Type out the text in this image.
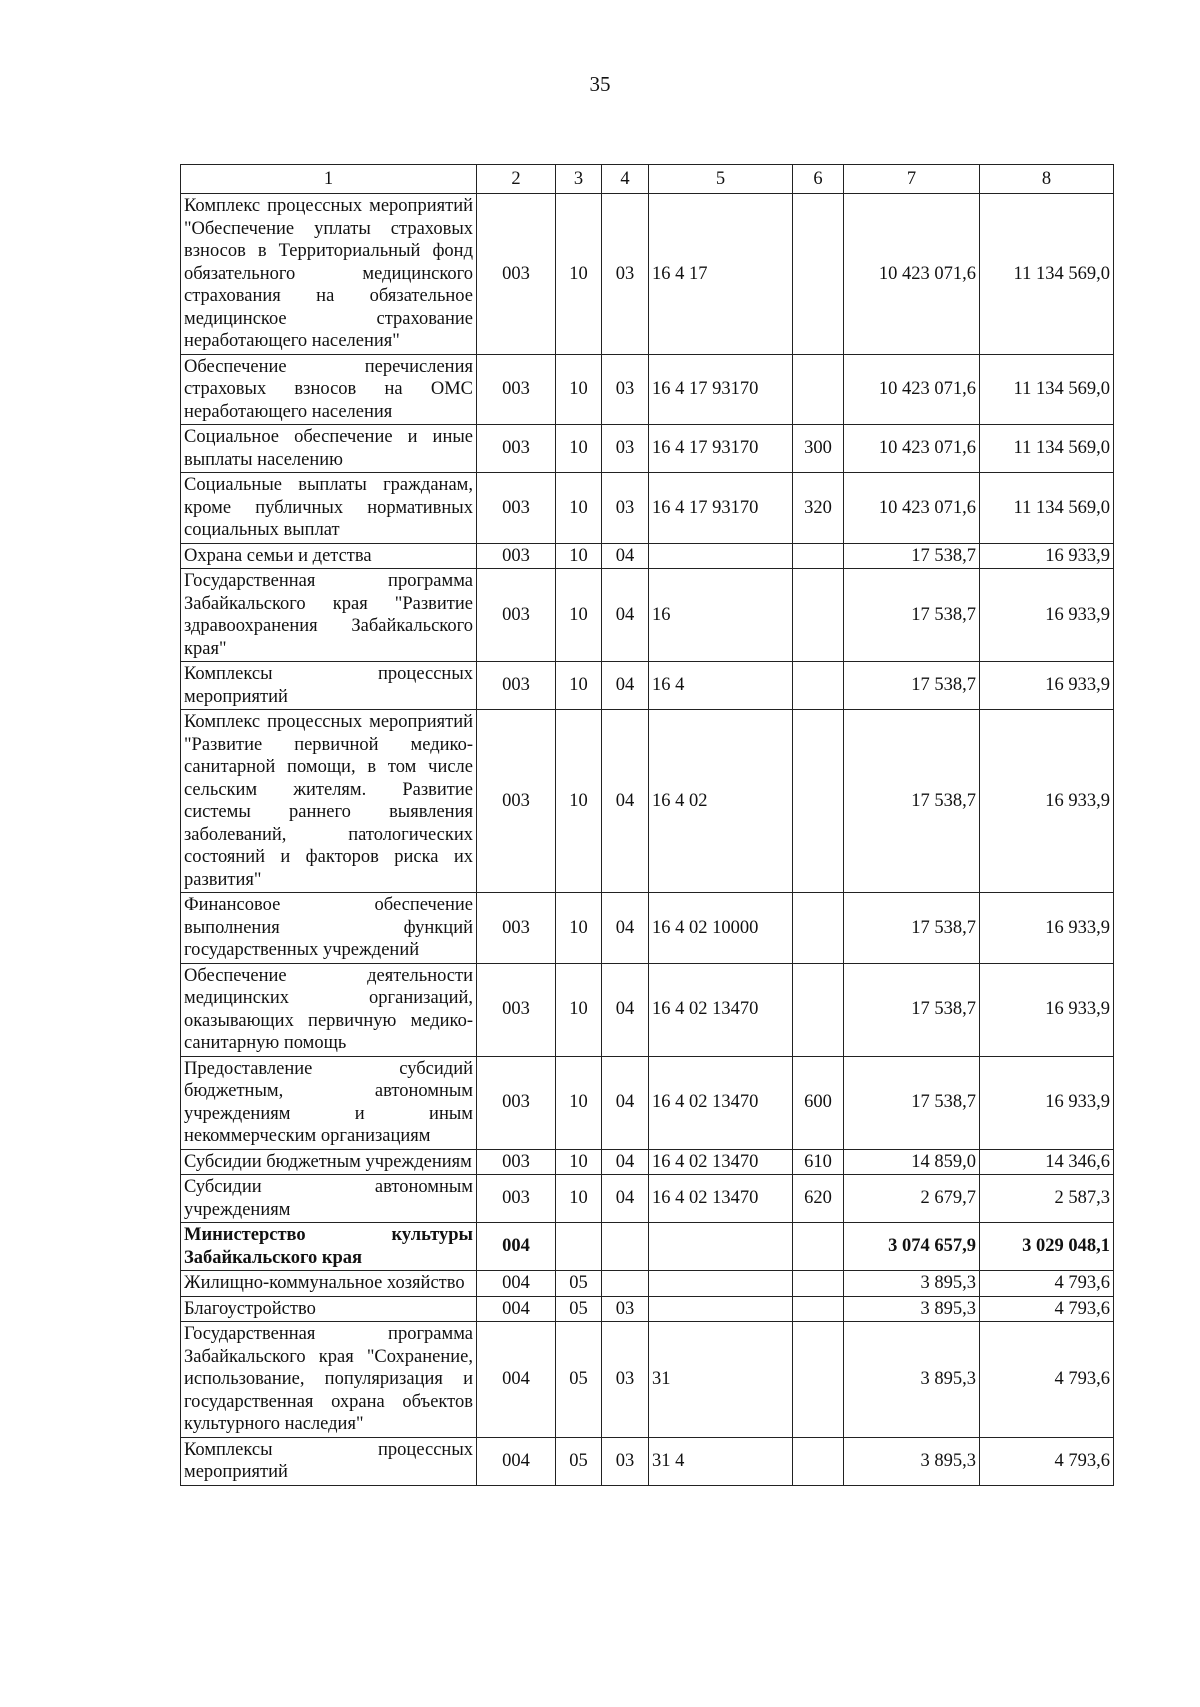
35
1	2	3	4	5	6	7	8
Комплекс процессных мероприятий "Обеспечение уплаты страховых взносов в Территориальный фонд обязательного медицинского страхования на обязательное медицинское страхование неработающего населения"	003	10	03	16 4 17		10 423 071,6	11 134 569,0
Обеспечение перечисления страховых взносов на ОМС неработающего населения	003	10	03	16 4 17 93170		10 423 071,6	11 134 569,0
Социальное обеспечение и иные выплаты населению	003	10	03	16 4 17 93170	300	10 423 071,6	11 134 569,0
Социальные выплаты гражданам, кроме публичных нормативных социальных выплат	003	10	03	16 4 17 93170	320	10 423 071,6	11 134 569,0
Охрана семьи и детства	003	10	04			17 538,7	16 933,9
Государственная программа Забайкальского края "Развитие здравоохранения Забайкальского края"	003	10	04	16		17 538,7	16 933,9
Комплексы процессных мероприятий	003	10	04	16 4		17 538,7	16 933,9
Комплекс процессных мероприятий "Развитие первичной медико-санитарной помощи, в том числе сельским жителям. Развитие системы раннего выявления заболеваний, патологических состояний и факторов риска их развития"	003	10	04	16 4 02		17 538,7	16 933,9
Финансовое обеспечение выполнения функций государственных учреждений	003	10	04	16 4 02 10000		17 538,7	16 933,9
Обеспечение деятельности медицинских организаций, оказывающих первичную медико-санитарную помощь	003	10	04	16 4 02 13470		17 538,7	16 933,9
Предоставление субсидий бюджетным, автономным учреждениям и иным некоммерческим организациям	003	10	04	16 4 02 13470	600	17 538,7	16 933,9
Субсидии бюджетным учреждениям	003	10	04	16 4 02 13470	610	14 859,0	14 346,6
Субсидии автономным учреждениям	003	10	04	16 4 02 13470	620	2 679,7	2 587,3
Министерство культуры Забайкальского края	004					3 074 657,9	3 029 048,1
Жилищно-коммунальное хозяйство	004	05				3 895,3	4 793,6
Благоустройство	004	05	03			3 895,3	4 793,6
Государственная программа Забайкальского края "Сохранение, использование, популяризация и государственная охрана объектов культурного наследия"	004	05	03	31		3 895,3	4 793,6
Комплексы процессных мероприятий	004	05	03	31 4		3 895,3	4 793,6
